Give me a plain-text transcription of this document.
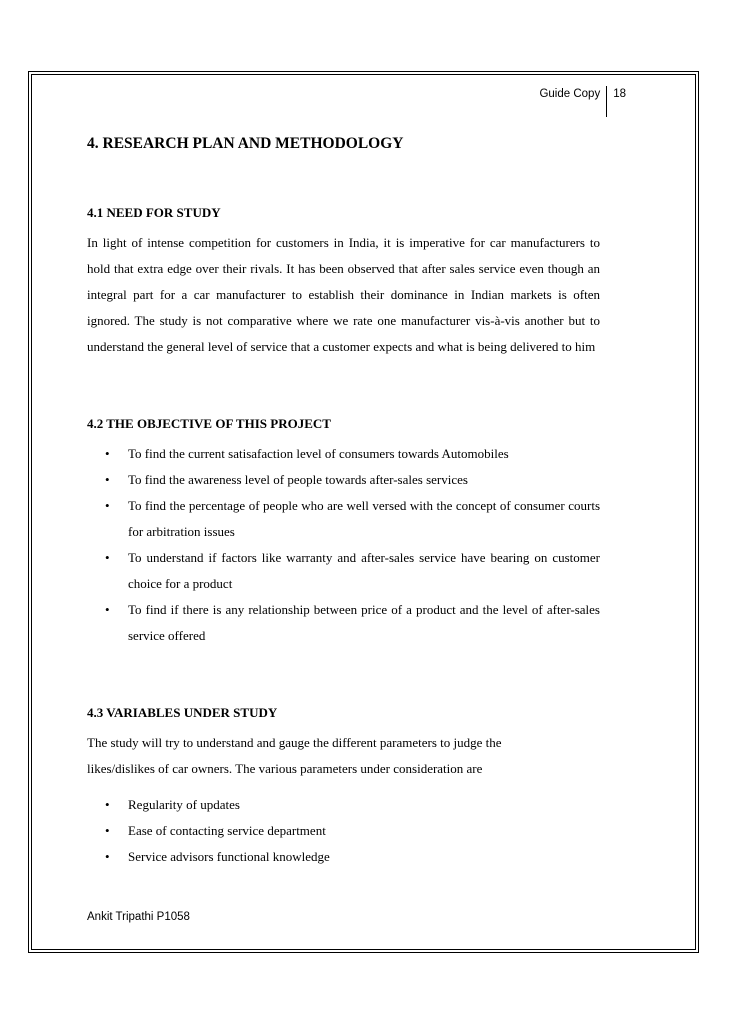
Guide Copy	18
4. RESEARCH PLAN AND METHODOLOGY
4.1 NEED FOR STUDY

In light of intense competition for customers in India, it is imperative for car manufacturers to hold that extra edge over their rivals. It has been observed that after sales service even though an integral part for a car manufacturer to establish their dominance in Indian markets is often ignored. The study is not comparative where we rate one manufacturer vis-à-vis another but to understand the general level of service that a customer expects and what is being delivered to him

4.2 THE OBJECTIVE OF THIS PROJECT
• To find the current satisafaction level of consumers towards Automobiles
• To find the awareness level of people towards after-sales services
• To find the percentage of people who are well versed with the concept of consumer courts for arbitration issues
• To understand if factors like warranty and after-sales service have bearing on customer choice for a product
• To find if there is any relationship between price of a product and the level of after-sales service offered
4.3 VARIABLES UNDER STUDY

The study will try to understand and gauge the different parameters to judge the likes/dislikes of car owners. The various parameters under consideration are

• Regularity of updates
• Ease of contacting service department
• Service advisors functional knowledge
Ankit Tripathi P1058
